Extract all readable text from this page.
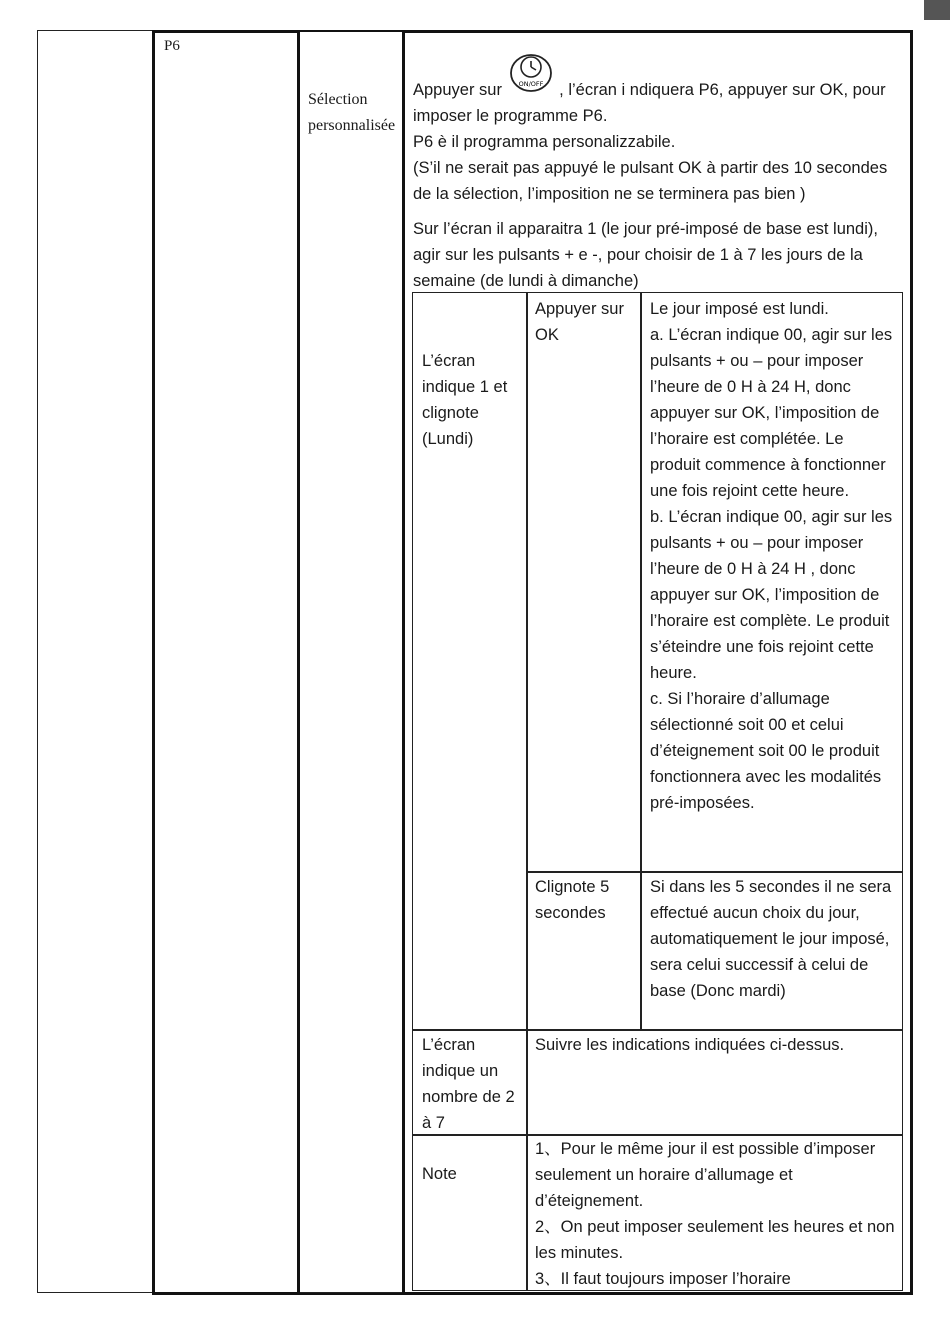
P6
Sélection personnalisée

Appuyer sur ON/OFF , l’écran i ndiquera P6, appuyer sur OK, pour imposer le programme P6.
P6 è il programma personalizzabile.
(S’il ne serait pas appuyé le pulsant OK à partir des 10 secondes de la sélection, l’imposition ne se terminera pas bien )

Sur l’écran il apparaitra 1 (le jour pré-imposé de base est lundi), agir sur les pulsants + e -, pour choisir de 1 à 7 les jours de la semaine (de lundi à dimanche)

L’écran indique 1 et clignote (Lundi)

Appuyer sur OK

Le jour imposé est lundi.
a. L’écran indique 00, agir sur les pulsants + ou – pour imposer l’heure de 0 H à 24 H, donc appuyer sur OK, l’imposition de l’horaire est complétée. Le produit commence à fonctionner une fois rejoint cette heure.
b. L’écran indique 00, agir sur les pulsants + ou – pour imposer l’heure de 0 H à 24 H , donc appuyer sur OK, l’imposition de l’horaire est complète. Le produit s’éteindre une fois rejoint cette heure.
c. Si l’horaire d’allumage sélectionné soit 00 et celui d’éteignement soit 00 le produit fonctionnera avec les modalités pré-imposées.

Clignote 5 secondes

Si dans les 5 secondes il ne sera effectué aucun choix du jour, automatiquement le jour imposé, sera celui successif à celui de base (Donc mardi)

L’écran indique un nombre de 2 à 7

Suivre les indications indiquées ci-dessus.

Note

1、Pour le même jour il est possible d’imposer seulement un horaire d’allumage et d’éteignement.
2、On peut imposer seulement les heures et non les minutes.
3、Il faut toujours imposer l’horaire
